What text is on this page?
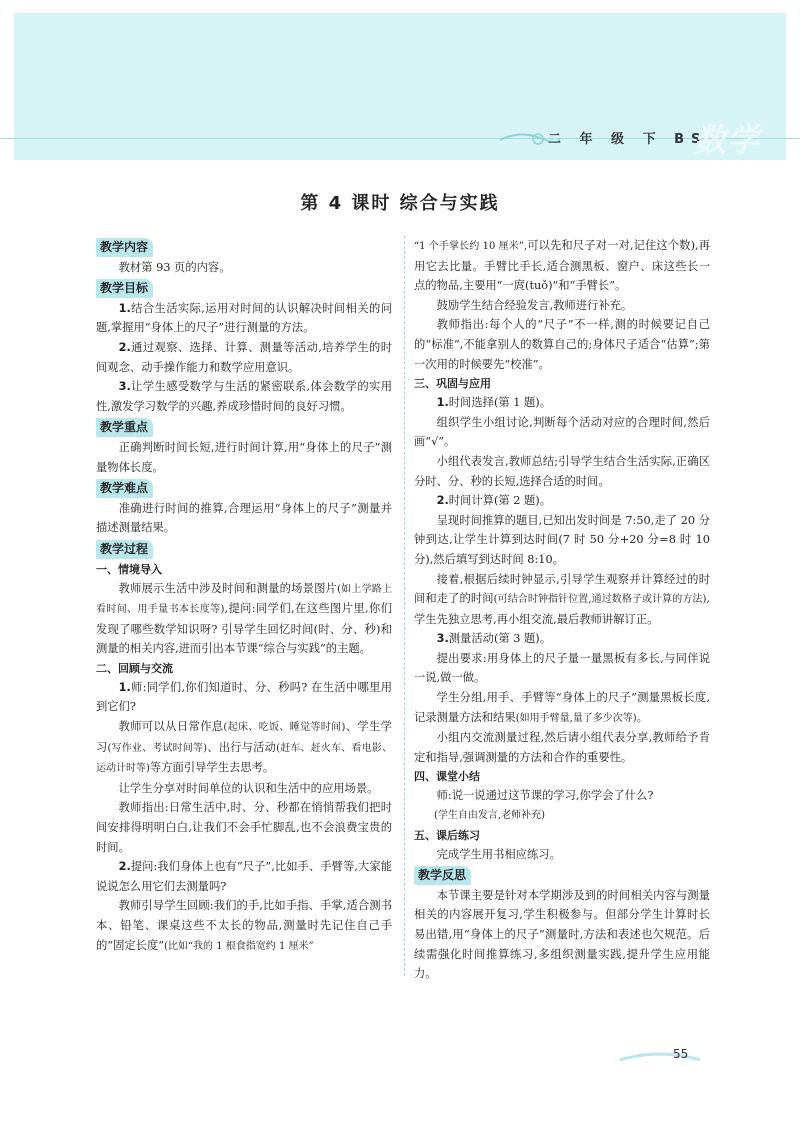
二 年 级 下 BS
数学
第 4 课时 综合与实践
教学内容

教材第 93 页的内容。

教学目标

1.结合生活实际,运用对时间的认识解决时间相关的问题,掌握用“身体上的尺子”进行测量的方法。

2.通过观察、选择、计算、测量等活动,培养学生的时间观念、动手操作能力和数学应用意识。

3.让学生感受数学与生活的紧密联系,体会数学的实用性,激发学习数学的兴趣,养成珍惜时间的良好习惯。

教学重点

正确判断时间长短,进行时间计算,用“身体上的尺子”测量物体长度。

教学难点

准确进行时间的推算,合理运用“身体上的尺子”测量并描述测量结果。

教学过程
一、情境导入

教师展示生活中涉及时间和测量的场景图片(如上学路上看时间、用手量书本长度等),提问:同学们,在这些图片里,你们发现了哪些数学知识呀? 引导学生回忆时间(时、分、秒)和测量的相关内容,进而引出本节课“综合与实践”的主题。

二、回顾与交流

1.师:同学们,你们知道时、分、秒吗? 在生活中哪里用到它们?

教师可以从日常作息(起床、吃饭、睡觉等时间)、学生学习(写作业、考试时间等)、出行与活动(赶车、赶火车、看电影、运动计时等)等方面引导学生去思考。

让学生分享对时间单位的认识和生活中的应用场景。

教师指出:日常生活中,时、分、秒都在悄悄帮我们把时间安排得明明白白,让我们不会手忙脚乱,也不会浪费宝贵的时间。

2.提问:我们身体上也有“尺子”,比如手、手臂等,大家能说说怎么用它们去测量吗?

教师引导学生回顾:我们的手,比如手指、手掌,适合测书本、铅笔、课桌这些不太长的物品,测量时先记住自己手的“固定长度”(比如“我的 1 根食指宽约 1 厘米”

“1 个手掌长约 10 厘米”,可以先和尺子对一对,记住这个数),再用它去比量。手臂比手长,适合测黑板、窗户、床这些长一点的物品,主要用“一庹(tuǒ)”和“手臂长”。

鼓励学生结合经验发言,教师进行补充。

教师指出:每个人的“尺子”不一样,测的时候要记自己的“标准”,不能拿别人的数算自己的;身体尺子适合“估算”;第一次用的时候要先“校准”。

三、巩固与应用

1.时间选择(第 1 题)。

组织学生小组讨论,判断每个活动对应的合理时间,然后画“√”。

小组代表发言,教师总结;引导学生结合生活实际,正确区分时、分、秒的长短,选择合适的时间。

2.时间计算(第 2 题)。

呈现时间推算的题目,已知出发时间是 7:50,走了 20 分钟到达,让学生计算到达时间(7 时 50 分+20 分=8 时 10 分),然后填写到达时间 8:10。

接着,根据后续时钟显示,引导学生观察并计算经过的时间和走了的时间(可结合时钟指针位置,通过数格子或计算的方法),学生先独立思考,再小组交流,最后教师讲解订正。

3.测量活动(第 3 题)。

提出要求:用身体上的尺子量一量黑板有多长,与同伴说一说,做一做。

学生分组,用手、手臂等“身体上的尺子”测量黑板长度,记录测量方法和结果(如用手臂量,量了多少次等)。

小组内交流测量过程,然后请小组代表分享,教师给予肯定和指导,强调测量的方法和合作的重要性。

四、课堂小结

师:说一说通过这节课的学习,你学会了什么?

(学生自由发言,老师补充)

五、课后练习

完成学生用书相应练习。

教学反思

本节课主要是针对本学期涉及到的时间相关内容与测量相关的内容展开复习,学生积极参与。但部分学生计算时长易出错,用“身体上的尺子”测量时,方法和表述也欠规范。后续需强化时间推算练习,多组织测量实践,提升学生应用能力。

55
